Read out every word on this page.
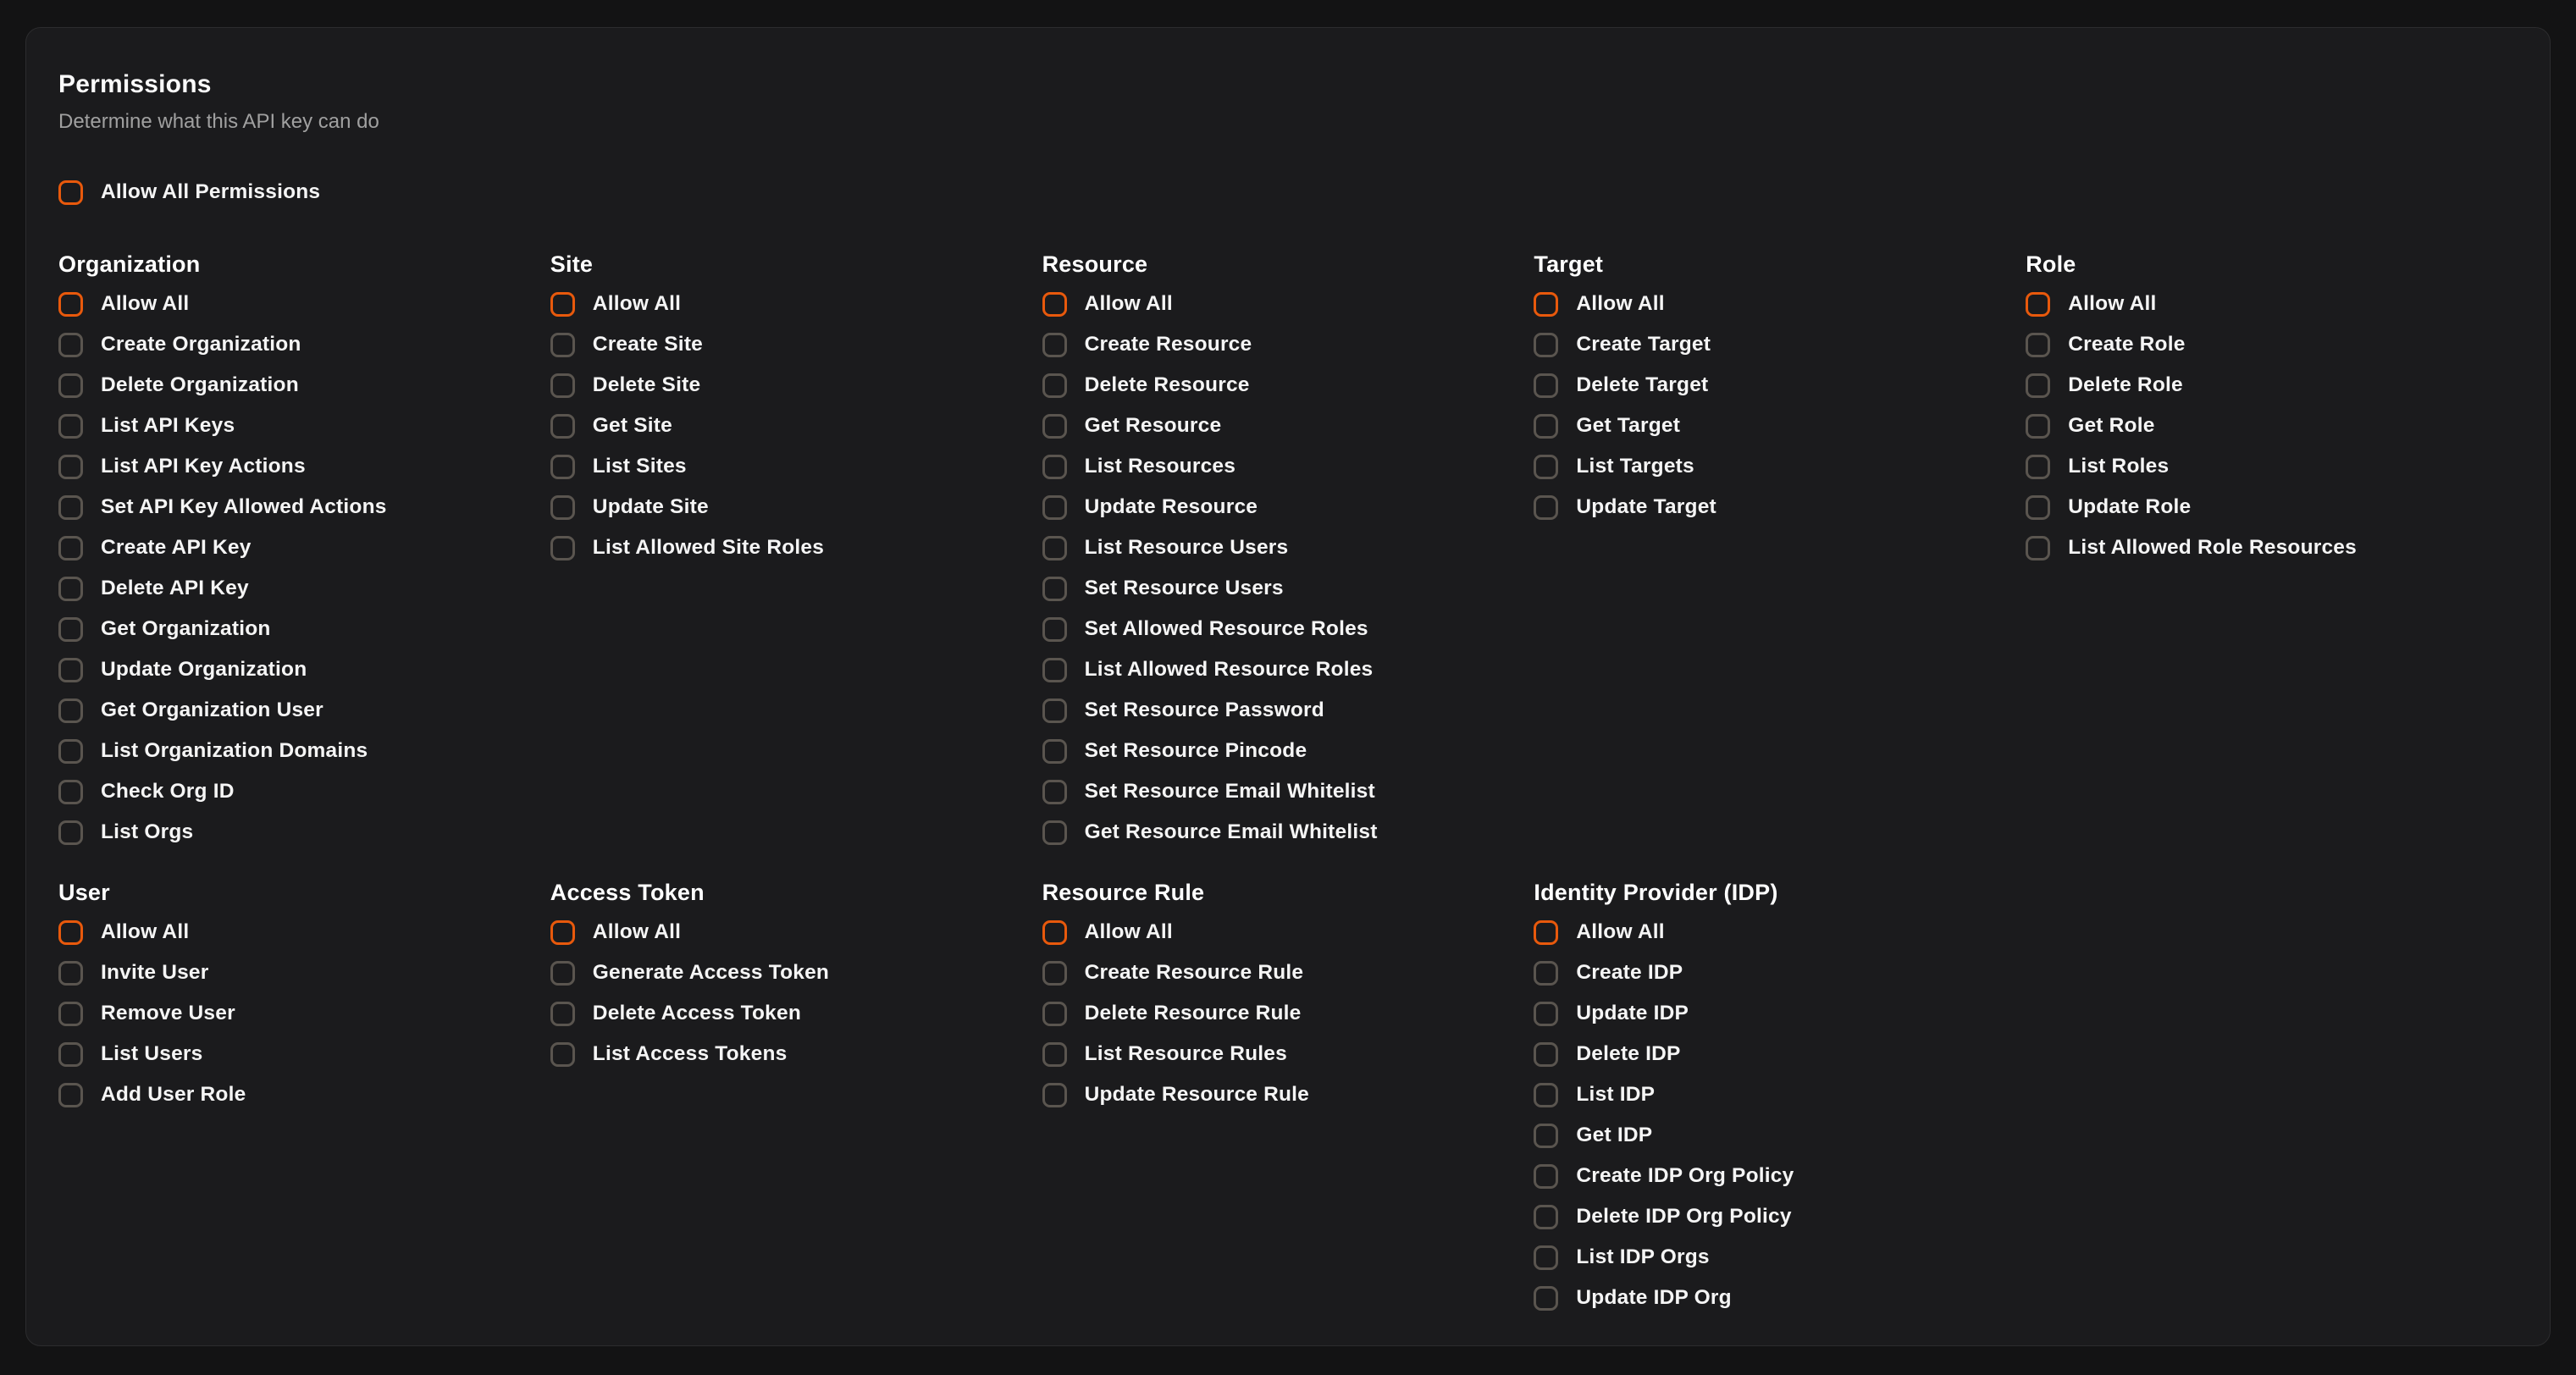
Permissions

Determine what this API key can do

Allow All Permissions
Organization
Allow All
Create Organization
Delete Organization
List API Keys
List API Key Actions
Set API Key Allowed Actions
Create API Key
Delete API Key
Get Organization
Update Organization
Get Organization User
List Organization Domains
Check Org ID
List Orgs
Site
Allow All
Create Site
Delete Site
Get Site
List Sites
Update Site
List Allowed Site Roles
Resource
Allow All
Create Resource
Delete Resource
Get Resource
List Resources
Update Resource
List Resource Users
Set Resource Users
Set Allowed Resource Roles
List Allowed Resource Roles
Set Resource Password
Set Resource Pincode
Set Resource Email Whitelist
Get Resource Email Whitelist
Target
Allow All
Create Target
Delete Target
Get Target
List Targets
Update Target
Role
Allow All
Create Role
Delete Role
Get Role
List Roles
Update Role
List Allowed Role Resources
User
Allow All
Invite User
Remove User
List Users
Add User Role
Access Token
Allow All
Generate Access Token
Delete Access Token
List Access Tokens
Resource Rule
Allow All
Create Resource Rule
Delete Resource Rule
List Resource Rules
Update Resource Rule
Identity Provider (IDP)
Allow All
Create IDP
Update IDP
Delete IDP
List IDP
Get IDP
Create IDP Org Policy
Delete IDP Org Policy
List IDP Orgs
Update IDP Org
